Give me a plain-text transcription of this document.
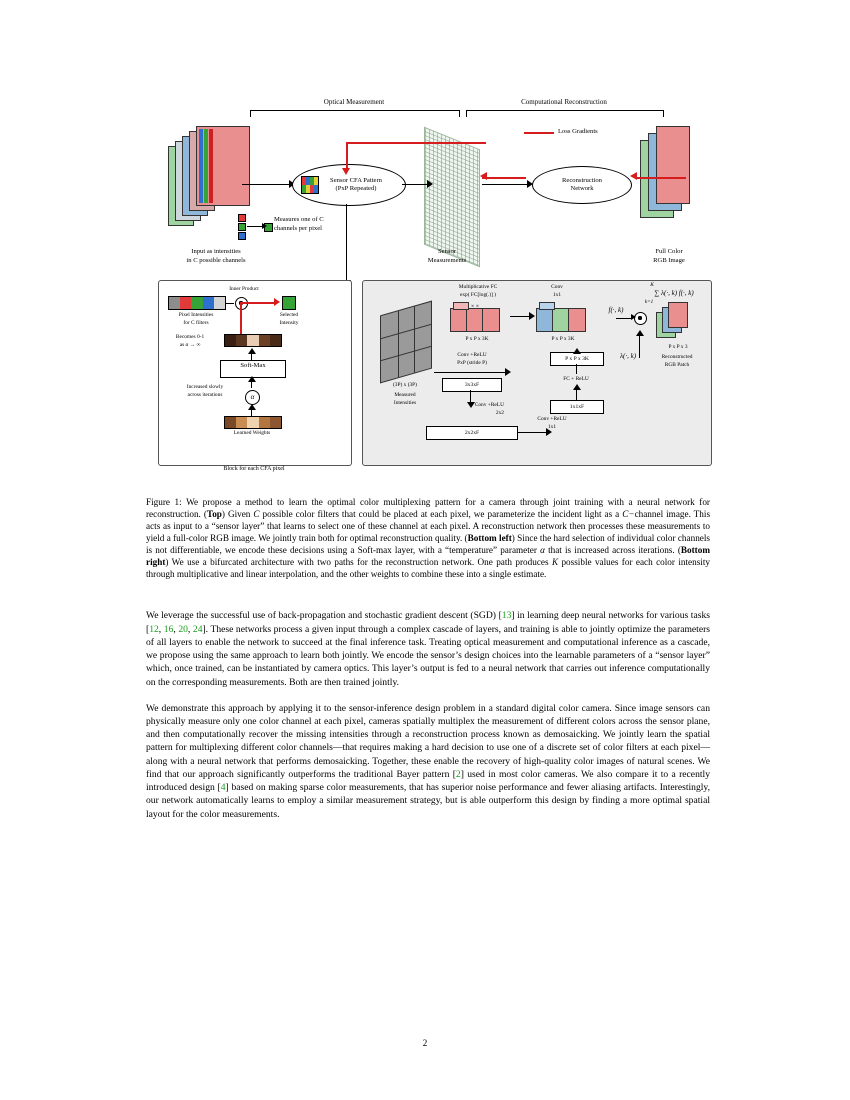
Optical Measurement	Computational Reconstruction
Input as intensities
in C possible channels
Sensor CFA Pattern
(PxP Repeated)
Measures one of C
channels per pixel
Sensor
Measurements
Reconstruction
Network
Full Color
RGB Image
Loss Gradients
Inner Product
Pixel Intensities
for C filters
Selected
Intensity
Becomes 0-1
as α → ∞
Soft-Max
Increased slowly
across iterations	α
Learned Weights
Block for each CFA pixel
(3P) x (3P)
Measured
Intensities
Multiplicative FC
exp( FC[log(.)] )
× ×
P x P x 3K
Conv
1x1
P x P x 3K
f(·, k)
K
∑ λ(·, k) f(·, k)
k=1
P x P x 3
Reconstructed
RGB Patch
Conv +ReLU
PxP (stride P)
3x3xF
Conv +ReLU
2x2
2x2xF
Conv +ReLU
1x1
1x1xF
FC + ReLU
P x P x 3K	λ(·, k)
Figure 1: We propose a method to learn the optimal color multiplexing pattern for a camera through joint training with a neural network for reconstruction. (Top) Given C possible color filters that could be placed at each pixel, we parameterize the incident light as a C−channel image. This acts as input to a “sensor layer” that learns to select one of these channel at each pixel. A reconstruction network then processes these measurements to yield a full-color RGB image. We jointly train both for optimal reconstruction quality. (Bottom left) Since the hard selection of individual color channels is not differentiable, we encode these decisions using a Soft-max layer, with a “temperature” parameter α that is increased across iterations. (Bottom right) We use a bifurcated architecture with two paths for the reconstruction network. One path produces K possible values for each color intensity through multiplicative and linear interpolation, and the other weights to combine these into a single estimate.
We leverage the successful use of back-propagation and stochastic gradient descent (SGD) [13] in learning deep neural networks for various tasks [12, 16, 20, 24]. These networks process a given input through a complex cascade of layers, and training is able to jointly optimize the parameters of all layers to enable the network to succeed at the final inference task. Treating optical measurement and computational inference as a cascade, we propose using the same approach to learn both jointly. We encode the sensor’s design choices into the learnable parameters of a “sensor layer” which, once trained, can be instantiated by camera optics. This layer’s output is fed to a neural network that carries out inference computationally on the corresponding measurements. Both are then trained jointly.
We demonstrate this approach by applying it to the sensor-inference design problem in a standard digital color camera. Since image sensors can physically measure only one color channel at each pixel, cameras spatially multiplex the measurement of different colors across the sensor plane, and then computationally recover the missing intensities through a reconstruction process known as demosaicking. We jointly learn the spatial pattern for multiplexing different color channels—that requires making a hard decision to use one of a discrete set of color filters at each pixel—along with a neural network that performs demosaicking. Together, these enable the recovery of high-quality color images of natural scenes. We find that our approach significantly outperforms the traditional Bayer pattern [2] used in most color cameras. We also compare it to a recently introduced design [4] based on making sparse color measurements, that has superior noise performance and fewer aliasing artifacts. Interestingly, our network automatically learns to employ a similar measurement strategy, but is able outperform this design by finding a more optimal spatial layout for the color measurements.
2
